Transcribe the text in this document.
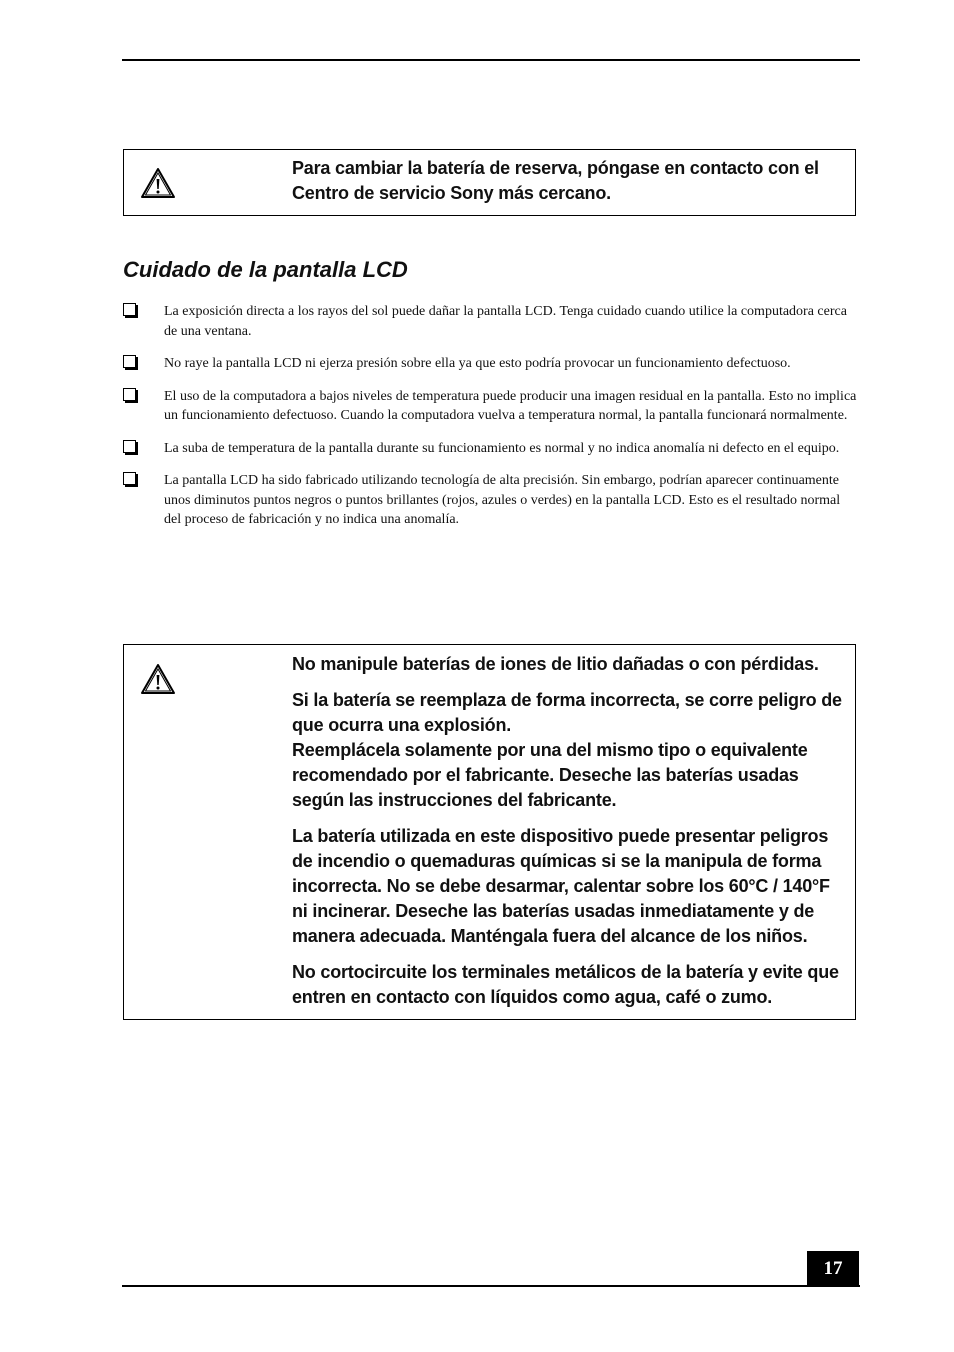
Para cambiar la batería de reserva, póngase en contacto con el Centro de servicio Sony más cercano.

Cuidado de la pantalla LCD
La exposición directa a los rayos del sol puede dañar la pantalla LCD. Tenga cuidado cuando utilice la computadora cerca de una ventana.
No raye la pantalla LCD ni ejerza presión sobre ella ya que esto podría provocar un funcionamiento defectuoso.
El uso de la computadora a bajos niveles de temperatura puede producir una imagen residual en la pantalla. Esto no implica un funcionamiento defectuoso. Cuando la computadora vuelva a temperatura normal, la pantalla funcionará normalmente.
La suba de temperatura de la pantalla durante su funcionamiento es normal y no indica anomalía ni defecto en el equipo.
La pantalla LCD ha sido fabricado utilizando tecnología de alta precisión. Sin embargo, podrían aparecer continuamente unos diminutos puntos negros o puntos brillantes (rojos, azules o verdes) en la pantalla LCD. Esto es el resultado normal del proceso de fabricación y no indica una anomalía.

No manipule baterías de iones de litio dañadas o con pérdidas.

Si la batería se reemplaza de forma incorrecta, se corre peligro de que ocurra una explosión.
Reemplácela solamente por una del mismo tipo o equivalente recomendado por el fabricante. Deseche las baterías usadas según las instrucciones del fabricante.

La batería utilizada en este dispositivo puede presentar peligros de incendio o quemaduras químicas si se la manipula de forma incorrecta. No se debe desarmar, calentar sobre los 60°C / 140°F ni incinerar. Deseche las baterías usadas inmediatamente y de manera adecuada. Manténgala fuera del alcance de los niños.

No cortocircuite los terminales metálicos de la batería y evite que entren en contacto con líquidos como agua, café o zumo.

17
